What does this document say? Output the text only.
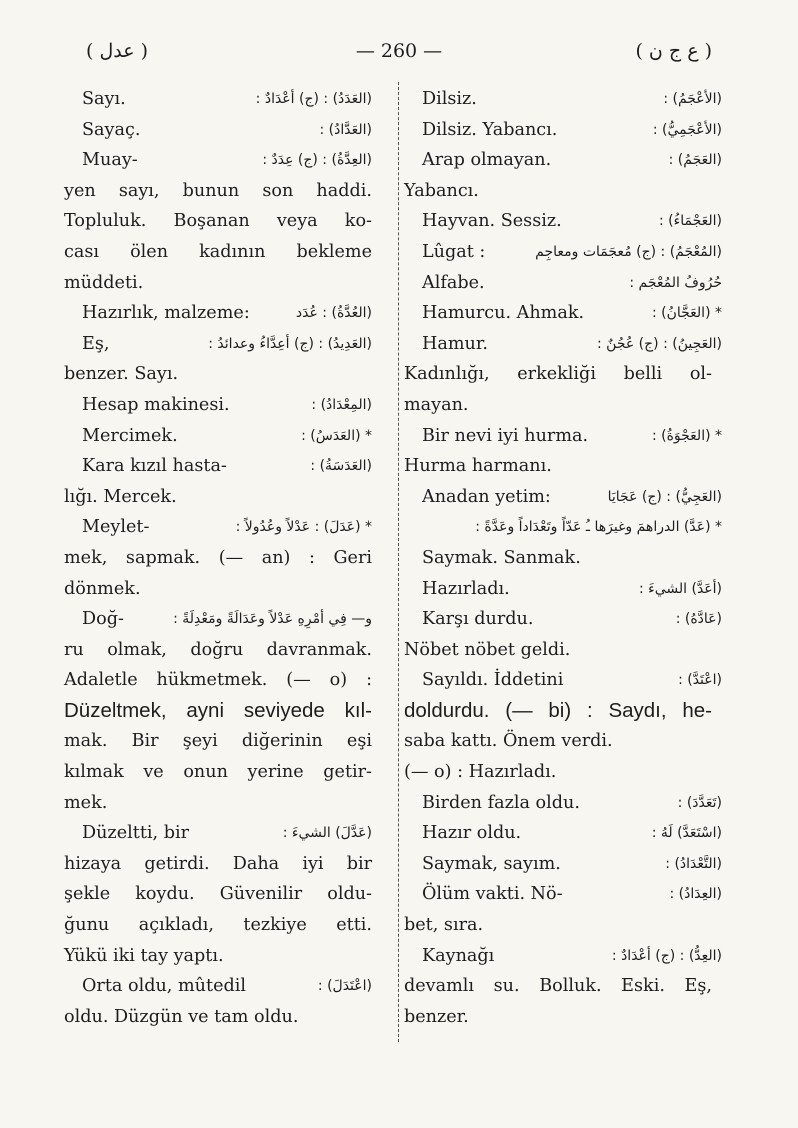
( عدل )	— 260 —	( ع ج ن )
Sayı.	(العَدَدُ) : (ج) أعْدَادٌ :
Sayaç.	(العَدَّادُ) :
Muay-	(العِدَّةُ) : (ج) عِدَدٌ :
yen sayı, bunun son haddi.
Topluluk. Boşanan veya ko-
cası ölen kadının bekleme
müddeti.
Hazırlık, malzeme:	(العُدَّةُ) : عُدَد
Eş,	(العَدِيدُ) : (ج) أعِدَّاءُ وعدائدُ :
benzer. Sayı.
Hesap makinesi.	(المِعْدَادُ) :
Mercimek.	* (العَدَسُ) :
Kara kızıl hasta-	(العَدَسَةُ) :
lığı. Mercek.
Meylet-	* (عَدَلَ) : عَدْلاً وعُدُولاً :
mek, sapmak. (— an) : Geri
dönmek.
Doğ-	و— فِي أمْرِهِ عَدْلاً وعَدَالَةً ومَعْدِلَةً :
ru olmak, doğru davranmak.
Adaletle hükmetmek. (— o) :
Düzeltmek, ayni seviyede kıl-
mak. Bir şeyi diğerinin eşi
kılmak ve onun yerine getir-
mek.
Düzeltti, bir	(عَدَّلَ) الشيءَ :
hizaya getirdi. Daha iyi bir
şekle koydu. Güvenilir oldu-
ğunu açıkladı, tezkiye etti.
Yükü iki tay yaptı.
Orta oldu, mûtedil	(اعْتَدَلَ) :
oldu. Düzgün ve tam oldu.
Dilsiz.	(الأعْجَمُ) :
Dilsiz. Yabancı.	(الأعْجَمِيُّ) :
Arap olmayan.	(العَجَمُ) :
Yabancı.
Hayvan. Sessiz.	(العَجْمَاءُ) :
Lûgat :	(المُعْجَمُ) : (ج) مُعجَمَات ومعاجِم
Alfabe.	حُرُوفُ المُعْجَم :
Hamurcu. Ahmak.	* (العَجَّانُ) :
Hamur.	(العَجِينُ) : (ج) عُجُنٌ :
Kadınlığı, erkekliği belli ol-
mayan.
Bir nevi iyi hurma.	* (العَجْوَةُ) :
Hurma harmanı.
Anadan yetim:	(العَجِيُّ) : (ج) عَجَايَا
* (عَدَّ) الدراهمَ وغيرَها ـُ عَدّاً وتَعْدَاداً وعَدَّةً :
Saymak. Sanmak.
Hazırladı.	(أعَدَّ) الشيءَ :
Karşı durdu.	(عَادَّهُ) :
Nöbet nöbet geldi.
Sayıldı. İddetini	(اعْتَدَّ) :
doldurdu. (— bi) : Saydı, he-
saba kattı. Önem verdi.
(— o) : Hazırladı.
Birden fazla oldu.	(تَعَدَّدَ) :
Hazır oldu.	(اسْتَعَدَّ) لَهُ :
Saymak, sayım.	(التَّعْدَادُ) :
Ölüm vakti. Nö-	(العِدَادُ) :
bet, sıra.
Kaynağı	(العِدُّ) : (ج) أعْدَادٌ :
devamlı su. Bolluk. Eski. Eş,
benzer.
